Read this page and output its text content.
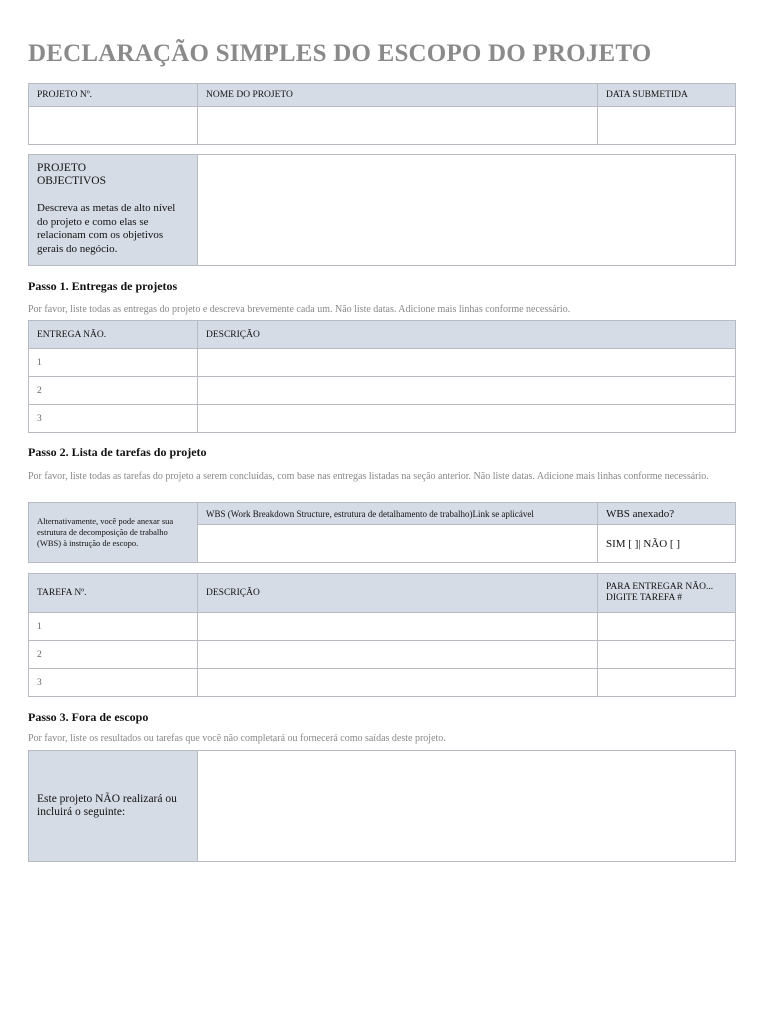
DECLARAÇÃO SIMPLES DO ESCOPO DO PROJETO
PROJETO Nº.	NOME DO PROJETO	DATA SUBMETIDA

PROJETO
OBJECTIVOS
Descreva as metas de alto nível do projeto e como elas se relacionam com os objetivos gerais do negócio.

Passo 1. Entregas de projetos
Por favor, liste todas as entregas do projeto e descreva brevemente cada um. Não liste datas. Adicione mais linhas conforme necessário.
ENTREGA NÃO.	DESCRIÇÃO
1	
2	
3	
Passo 2. Lista de tarefas do projeto
Por favor, liste todas as tarefas do projeto a serem concluídas, com base nas entregas listadas na seção anterior. Não liste datas. Adicione mais linhas conforme necessário.
Alternativamente, você pode anexar sua estrutura de decomposição de trabalho (WBS) à instrução de escopo.	WBS (Work Breakdown Structure, estrutura de detalhamento de trabalho)Link se aplicável	WBS anexado?
		SIM [ ]| NÃO [ ]
TAREFA Nº.	DESCRIÇÃO	PARA ENTREGAR NÃO...
DIGITE TAREFA #

1		
2		
3		
Passo 3. Fora de escopo
Por favor, liste os resultados ou tarefas que você não completará ou fornecerá como saídas deste projeto.
Este projeto NÃO realizará ou incluirá o seguinte:	
